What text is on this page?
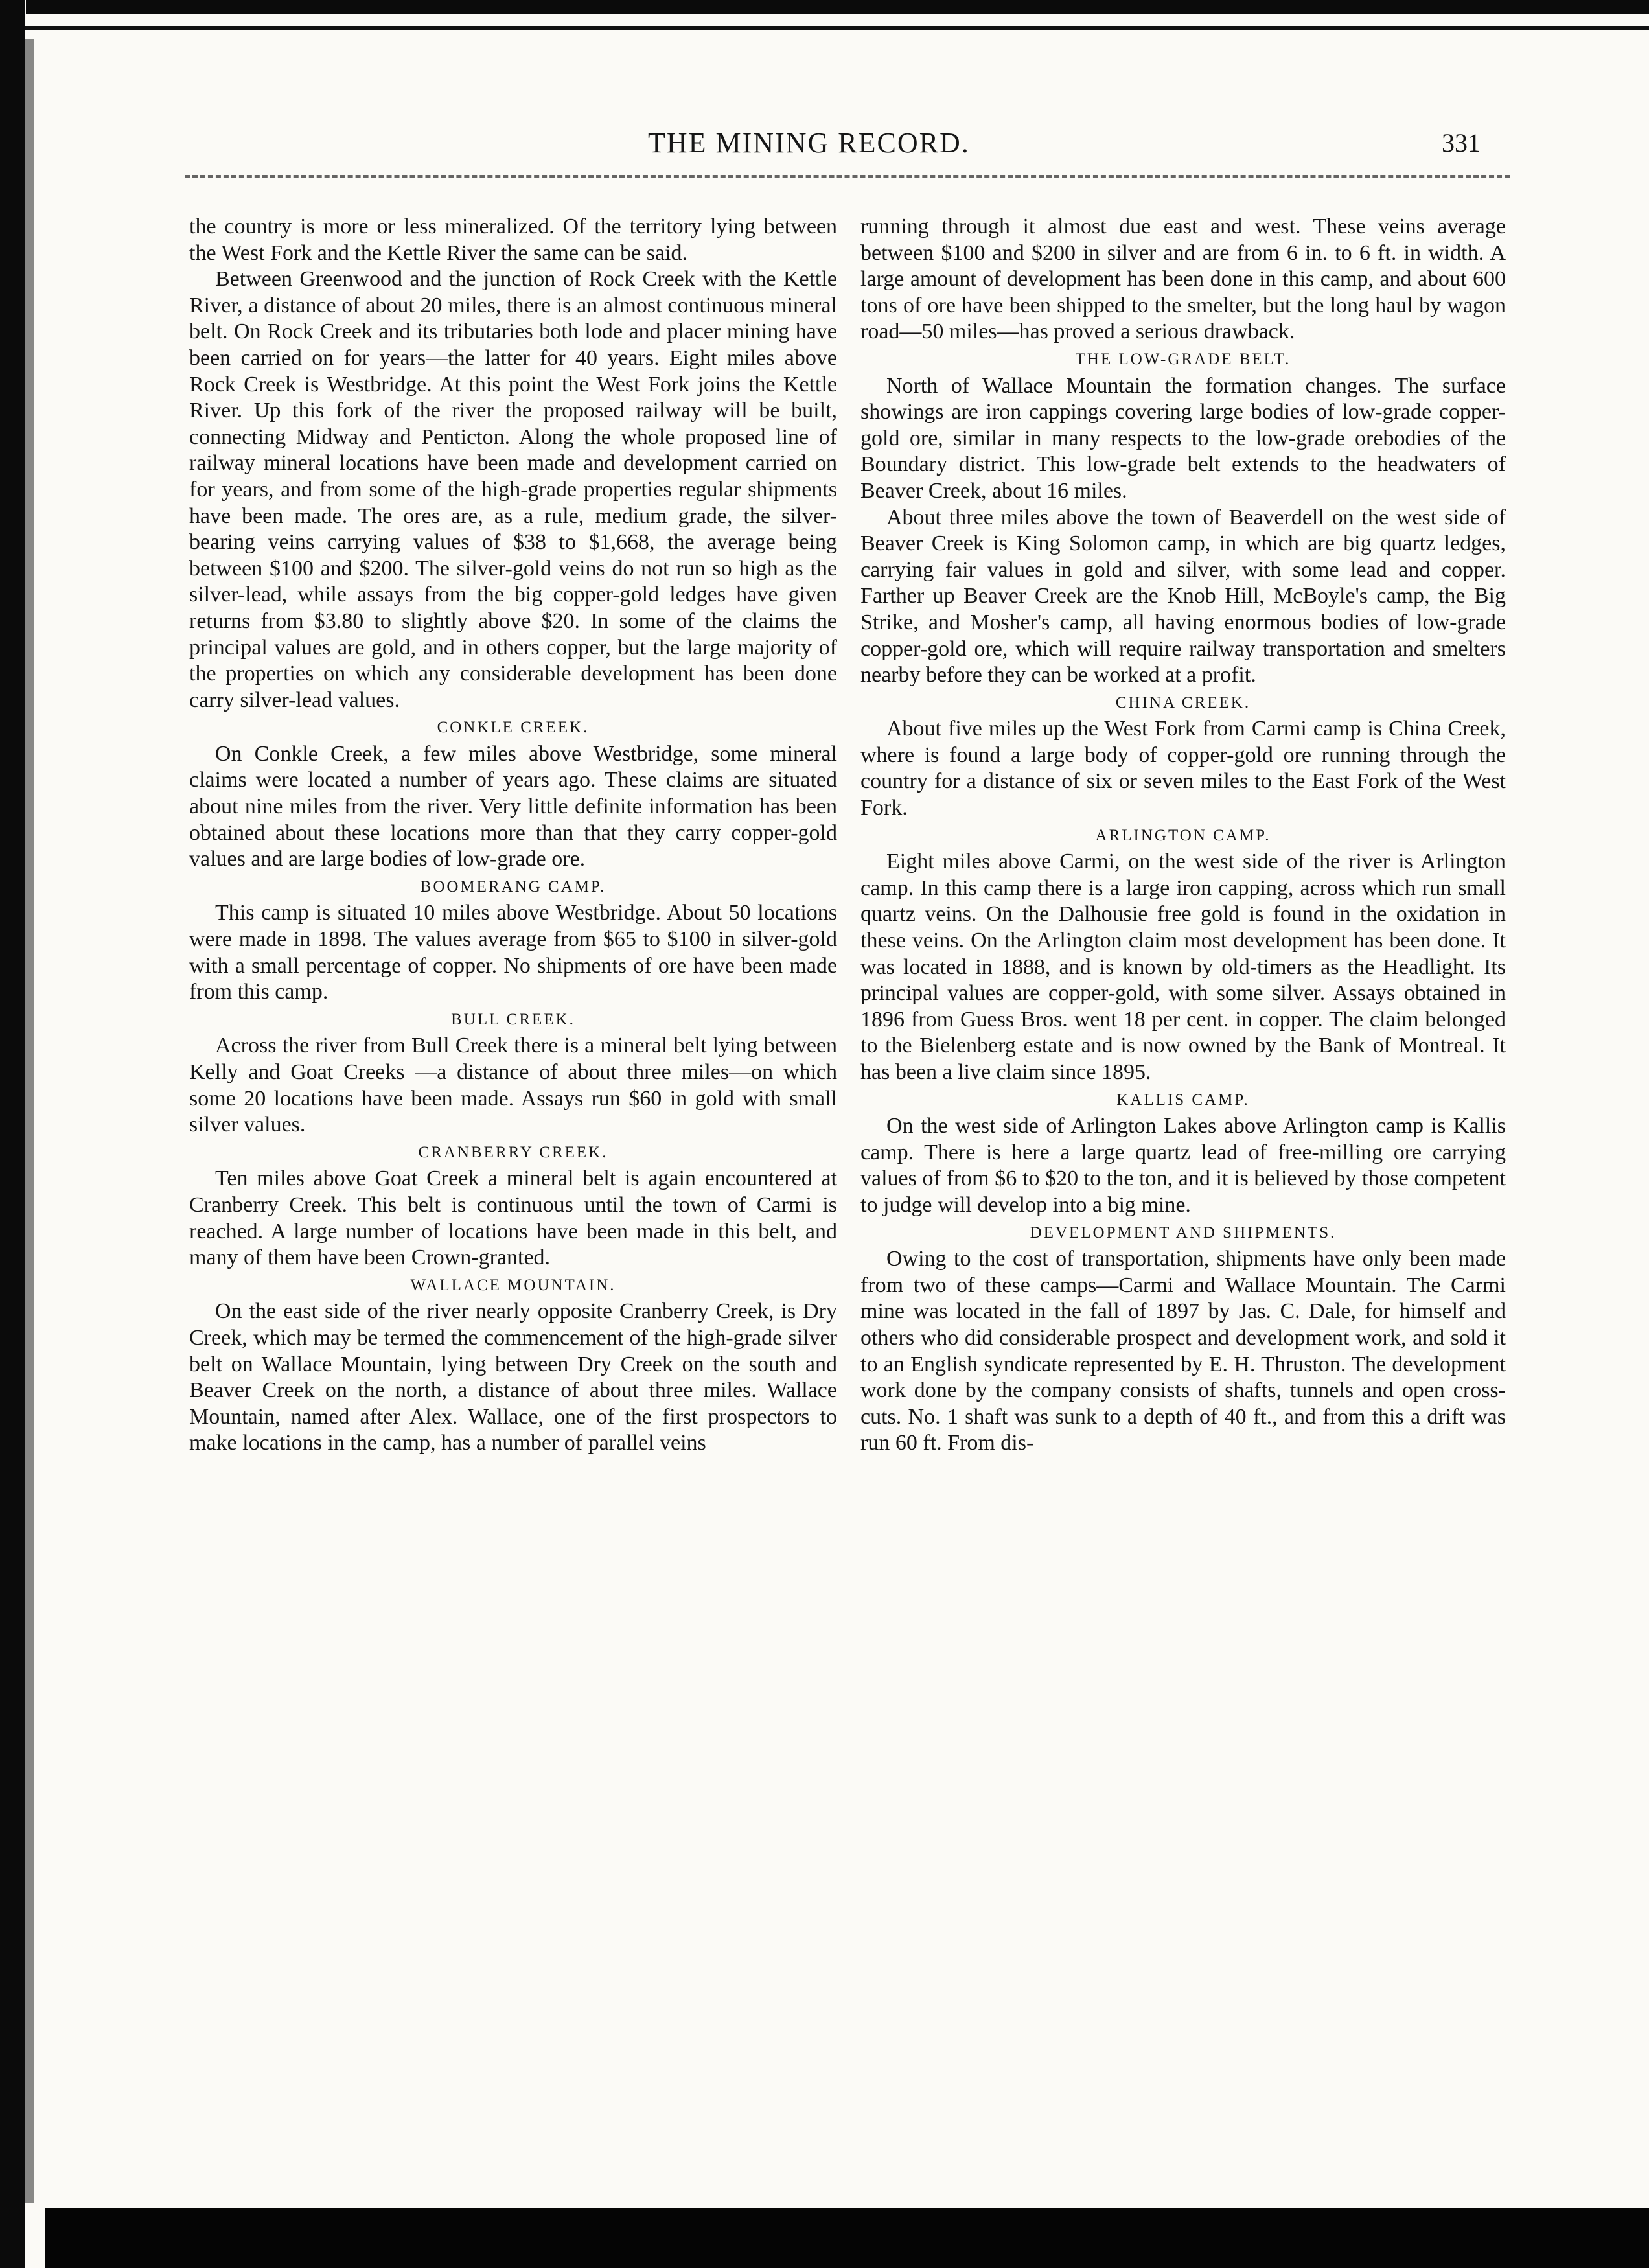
THE MINING RECORD.	331

the country is more or less mineralized. Of the territory lying between the West Fork and the Kettle River the same can be said.

Between Greenwood and the junction of Rock Creek with the Kettle River, a distance of about 20 miles, there is an almost continuous mineral belt. On Rock Creek and its tributaries both lode and placer mining have been carried on for years—the latter for 40 years. Eight miles above Rock Creek is Westbridge. At this point the West Fork joins the Kettle River. Up this fork of the river the proposed railway will be built, connecting Midway and Penticton. Along the whole proposed line of railway mineral locations have been made and development carried on for years, and from some of the high-grade properties regular shipments have been made. The ores are, as a rule, medium grade, the silver-bearing veins carrying values of $38 to $1,668, the average being between $100 and $200. The silver-gold veins do not run so high as the silver-lead, while assays from the big copper-gold ledges have given returns from $3.80 to slightly above $20. In some of the claims the principal values are gold, and in others copper, but the large majority of the properties on which any considerable development has been done carry silver-lead values.

CONKLE CREEK.

On Conkle Creek, a few miles above Westbridge, some mineral claims were located a number of years ago. These claims are situated about nine miles from the river. Very little definite information has been obtained about these locations more than that they carry copper-gold values and are large bodies of low-grade ore.

BOOMERANG CAMP.

This camp is situated 10 miles above Westbridge. About 50 locations were made in 1898. The values average from $65 to $100 in silver-gold with a small percentage of copper. No shipments of ore have been made from this camp.

BULL CREEK.

Across the river from Bull Creek there is a mineral belt lying between Kelly and Goat Creeks —a distance of about three miles—on which some 20 locations have been made. Assays run $60 in gold with small silver values.

CRANBERRY CREEK.

Ten miles above Goat Creek a mineral belt is again encountered at Cranberry Creek. This belt is continuous until the town of Carmi is reached. A large number of locations have been made in this belt, and many of them have been Crown-granted.

WALLACE MOUNTAIN.

On the east side of the river nearly opposite Cranberry Creek, is Dry Creek, which may be termed the commencement of the high-grade silver belt on Wallace Mountain, lying between Dry Creek on the south and Beaver Creek on the north, a distance of about three miles. Wallace Mountain, named after Alex. Wallace, one of the first prospectors to make locations in the camp, has a number of parallel veins

running through it almost due east and west. These veins average between $100 and $200 in silver and are from 6 in. to 6 ft. in width. A large amount of development has been done in this camp, and about 600 tons of ore have been shipped to the smelter, but the long haul by wagon road—50 miles—has proved a serious drawback.

THE LOW-GRADE BELT.

North of Wallace Mountain the formation changes. The surface showings are iron cappings covering large bodies of low-grade copper-gold ore, similar in many respects to the low-grade orebodies of the Boundary district. This low-grade belt extends to the headwaters of Beaver Creek, about 16 miles.

About three miles above the town of Beaverdell on the west side of Beaver Creek is King Solomon camp, in which are big quartz ledges, carrying fair values in gold and silver, with some lead and copper. Farther up Beaver Creek are the Knob Hill, McBoyle's camp, the Big Strike, and Mosher's camp, all having enormous bodies of low-grade copper-gold ore, which will require railway transportation and smelters nearby before they can be worked at a profit.

CHINA CREEK.

About five miles up the West Fork from Carmi camp is China Creek, where is found a large body of copper-gold ore running through the country for a distance of six or seven miles to the East Fork of the West Fork.

ARLINGTON CAMP.

Eight miles above Carmi, on the west side of the river is Arlington camp. In this camp there is a large iron capping, across which run small quartz veins. On the Dalhousie free gold is found in the oxidation in these veins. On the Arlington claim most development has been done. It was located in 1888, and is known by old-timers as the Headlight. Its principal values are copper-gold, with some silver. Assays obtained in 1896 from Guess Bros. went 18 per cent. in copper. The claim belonged to the Bielenberg estate and is now owned by the Bank of Montreal. It has been a live claim since 1895.

KALLIS CAMP.

On the west side of Arlington Lakes above Arlington camp is Kallis camp. There is here a large quartz lead of free-milling ore carrying values of from $6 to $20 to the ton, and it is believed by those competent to judge will develop into a big mine.

DEVELOPMENT AND SHIPMENTS.

Owing to the cost of transportation, shipments have only been made from two of these camps—Carmi and Wallace Mountain. The Carmi mine was located in the fall of 1897 by Jas. C. Dale, for himself and others who did considerable prospect and development work, and sold it to an English syndicate represented by E. H. Thruston. The development work done by the company consists of shafts, tunnels and open cross-cuts. No. 1 shaft was sunk to a depth of 40 ft., and from this a drift was run 60 ft. From dis-
